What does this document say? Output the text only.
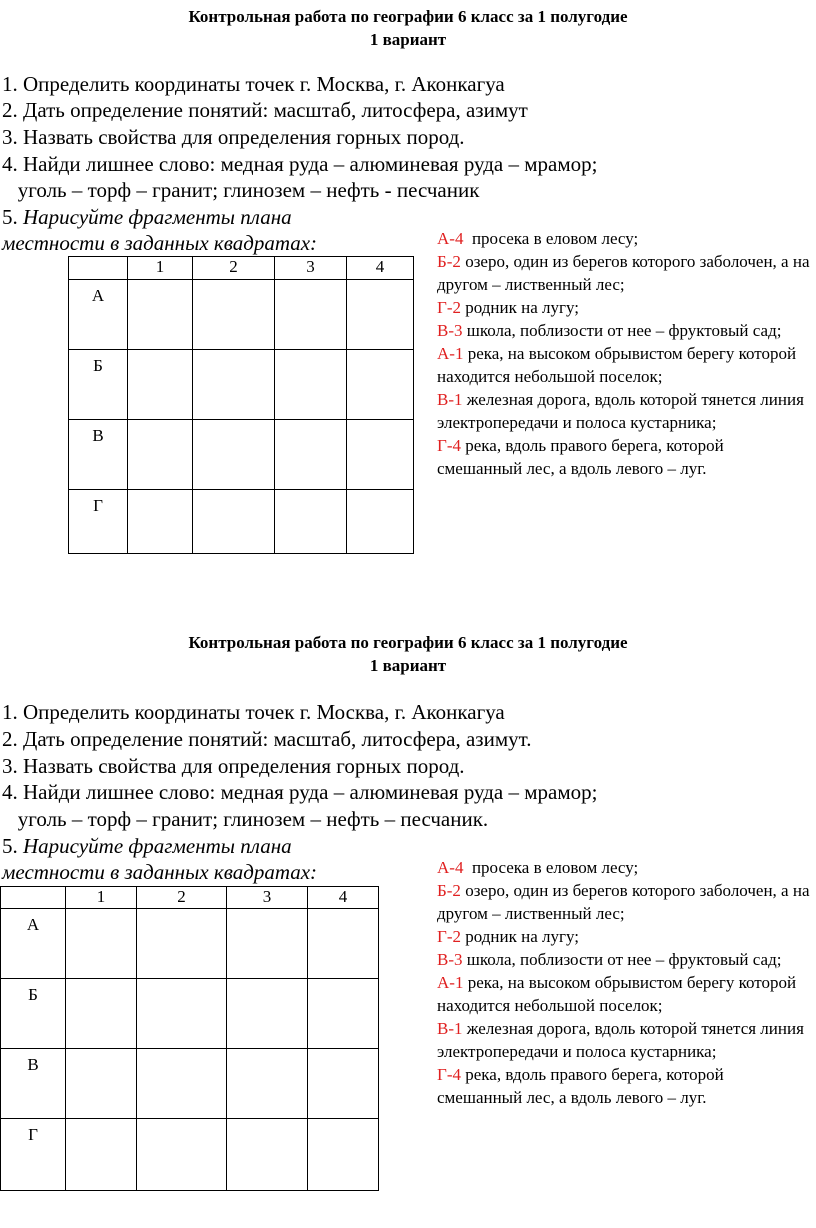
Контрольная работа по географии 6 класс за 1 полугодие
1 вариант
1. Определить координаты точек г. Москва, г. Аконкагуа
2. Дать определение понятий: масштаб, литосфера, азимут
3. Назвать свойства для определения горных пород.
4. Найди лишнее слово: медная руда – алюминевая руда – мрамор;
уголь – торф – гранит; глинозем – нефть - песчаник
5. Нарисуйте фрагменты плана
местности в заданных квадратах:
	1	2	3	4
А				
Б				
В				
Г				

А-4  просека в еловом лесу;

Б-2 озеро, один из берегов которого заболочен, а на другом – лиственный лес;

Г-2 родник на лугу;

В-3 школа, поблизости от нее – фруктовый сад;

А-1 река, на высоком обрывистом берегу которой находится небольшой поселок;

В-1 железная дорога, вдоль которой тянется линия электропередачи и полоса кустарника;

Г-4 река, вдоль правого берега, которой смешанный лес, а вдоль левого – луг.

Контрольная работа по географии 6 класс за 1 полугодие
1 вариант
1. Определить координаты точек г. Москва, г. Аконкагуа
2. Дать определение понятий: масштаб, литосфера, азимут.
3. Назвать свойства для определения горных пород.
4. Найди лишнее слово: медная руда – алюминевая руда – мрамор;
уголь – торф – гранит; глинозем – нефть – песчаник.
5. Нарисуйте фрагменты плана
местности в заданных квадратах:
	1	2	3	4
А				
Б				
В				
Г				

А-4  просека в еловом лесу;

Б-2 озеро, один из берегов которого заболочен, а на другом – лиственный лес;

Г-2 родник на лугу;

В-3 школа, поблизости от нее – фруктовый сад;

А-1 река, на высоком обрывистом берегу которой находится небольшой поселок;

В-1 железная дорога, вдоль которой тянется линия электропередачи и полоса кустарника;

Г-4 река, вдоль правого берега, которой смешанный лес, а вдоль левого – луг.
